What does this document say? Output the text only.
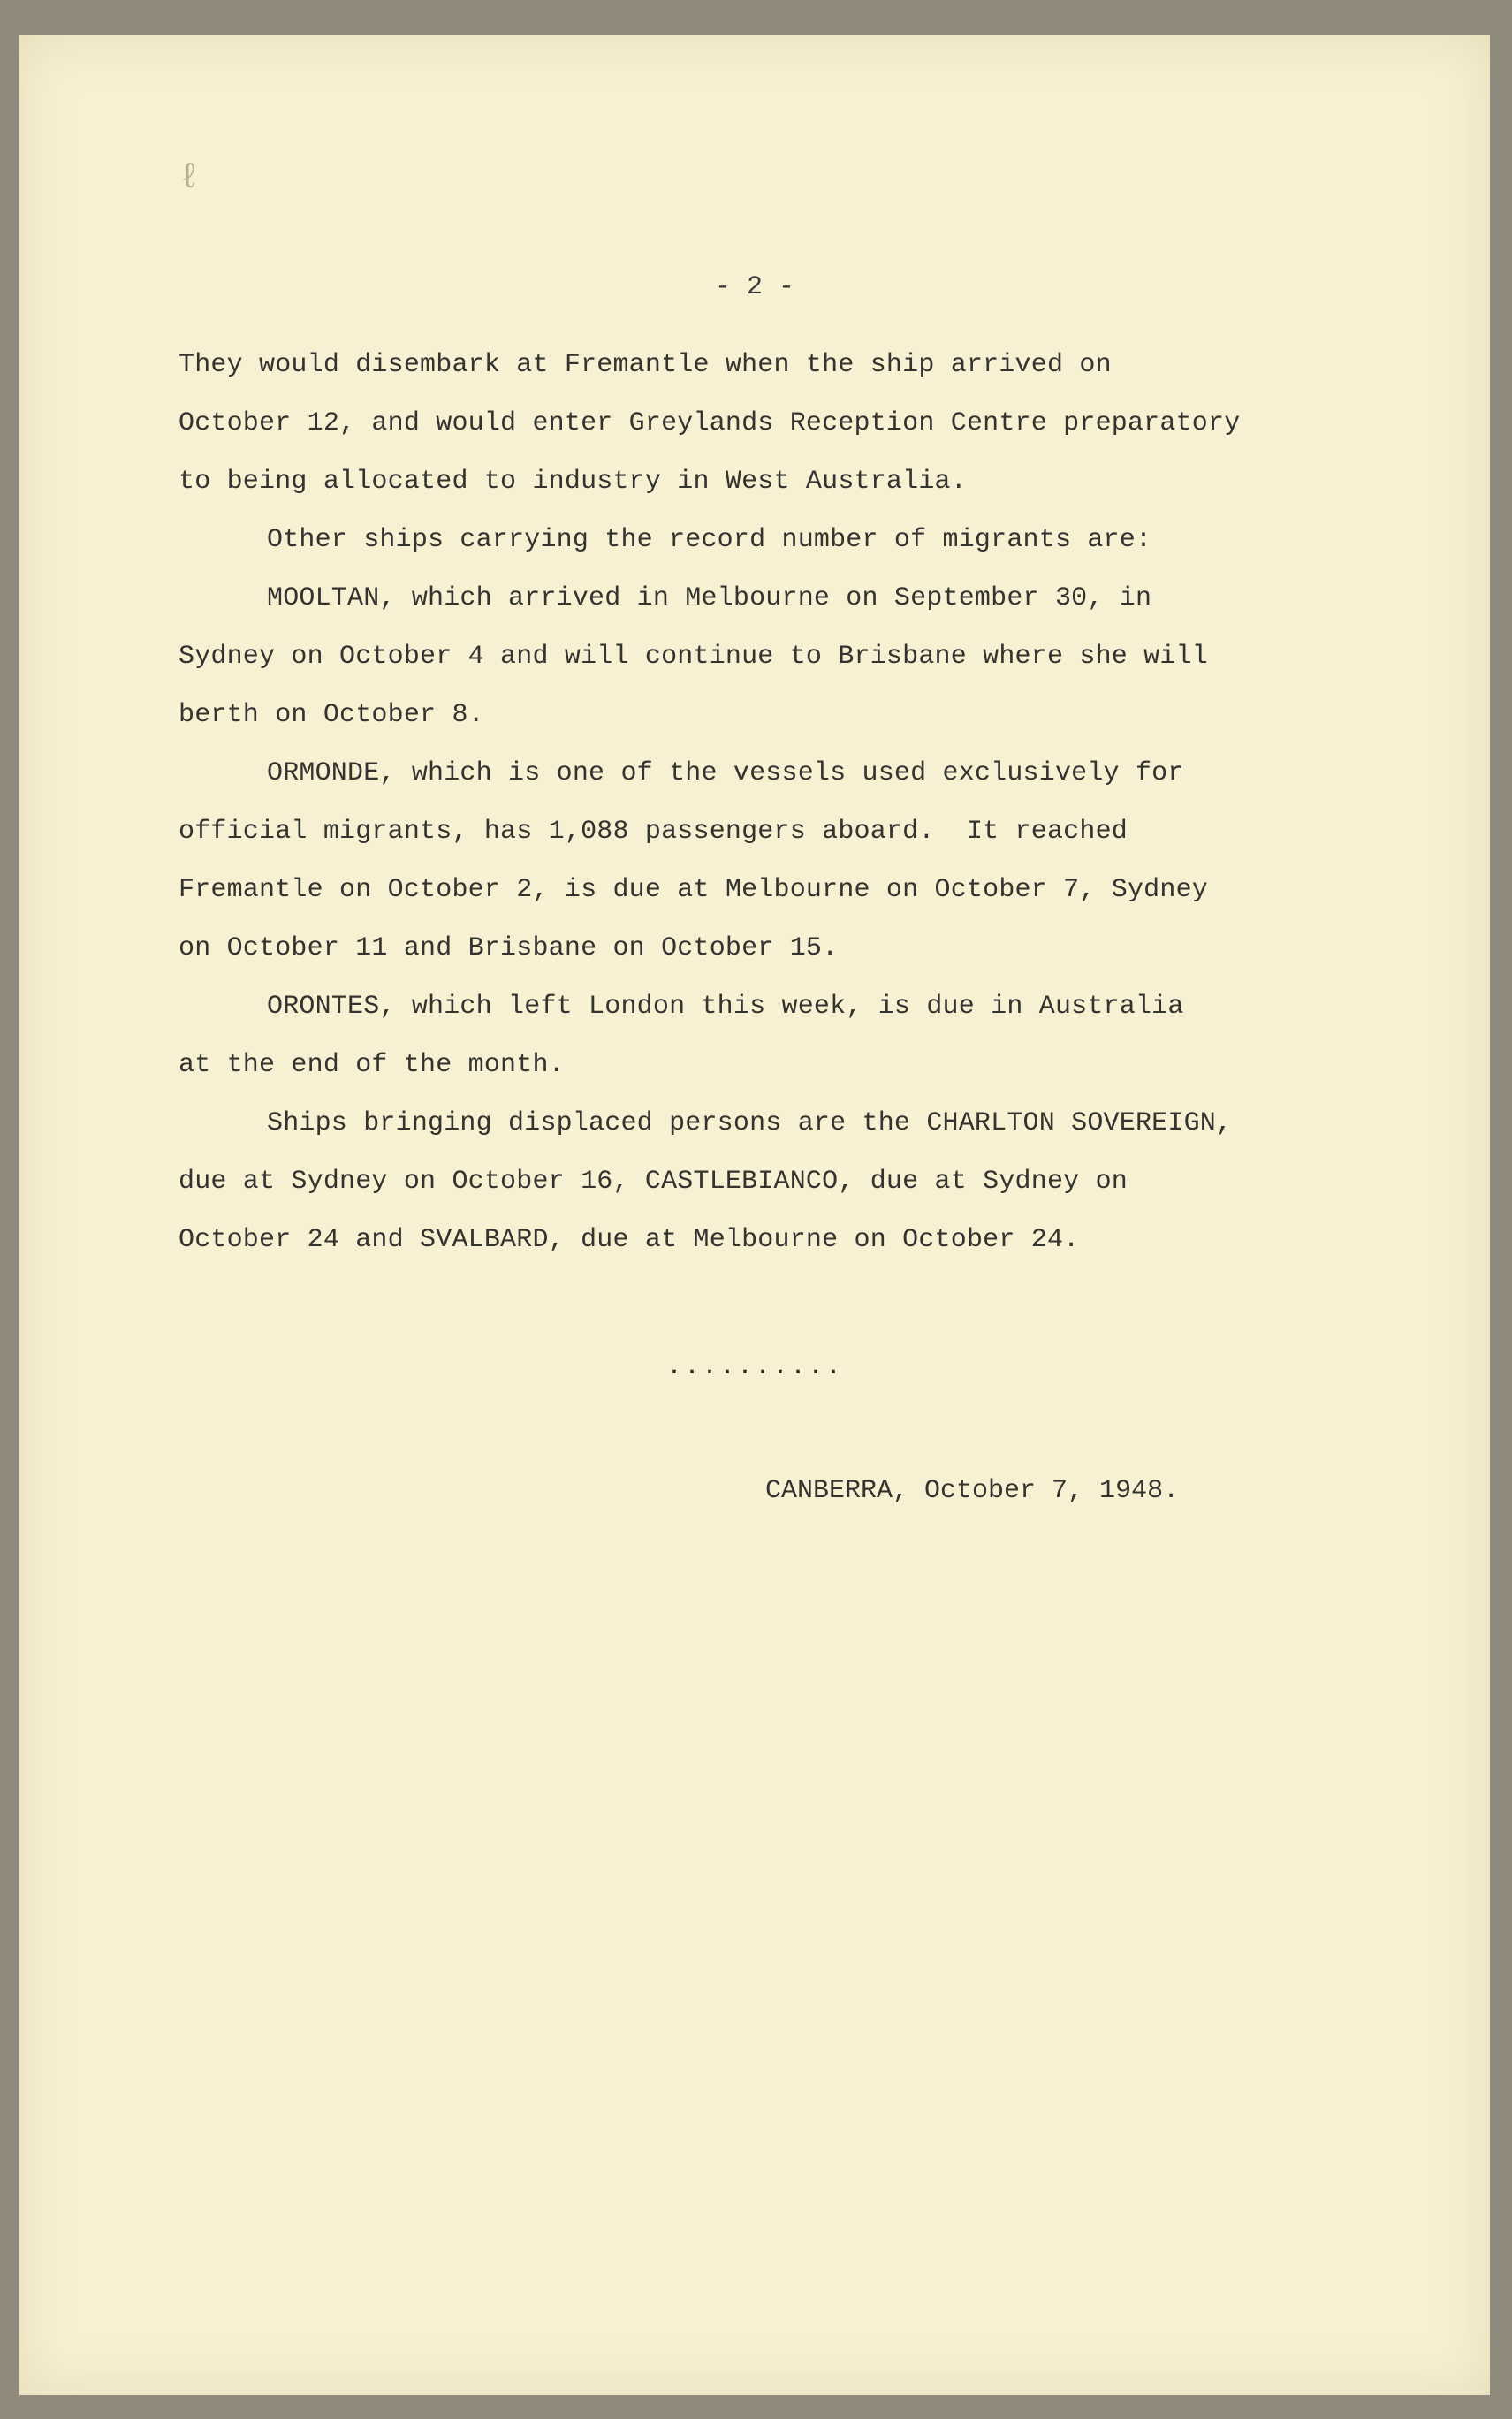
ℓ
- 2 -
They would disembark at Fremantle when the ship arrived on
October 12, and would enter Greylands Reception Centre preparatory
to being allocated to industry in West Australia.
Other ships carrying the record number of migrants are:
MOOLTAN, which arrived in Melbourne on September 30, in
Sydney on October 4 and will continue to Brisbane where she will
berth on October 8.
ORMONDE, which is one of the vessels used exclusively for
official migrants, has 1,088 passengers aboard.  It reached
Fremantle on October 2, is due at Melbourne on October 7, Sydney
on October 11 and Brisbane on October 15.
ORONTES, which left London this week, is due in Australia
at the end of the month.
Ships bringing displaced persons are the CHARLTON SOVEREIGN,
due at Sydney on October 16, CASTLEBIANCO, due at Sydney on
October 24 and SVALBARD, due at Melbourne on October 24.
..........
CANBERRA, October 7, 1948.
